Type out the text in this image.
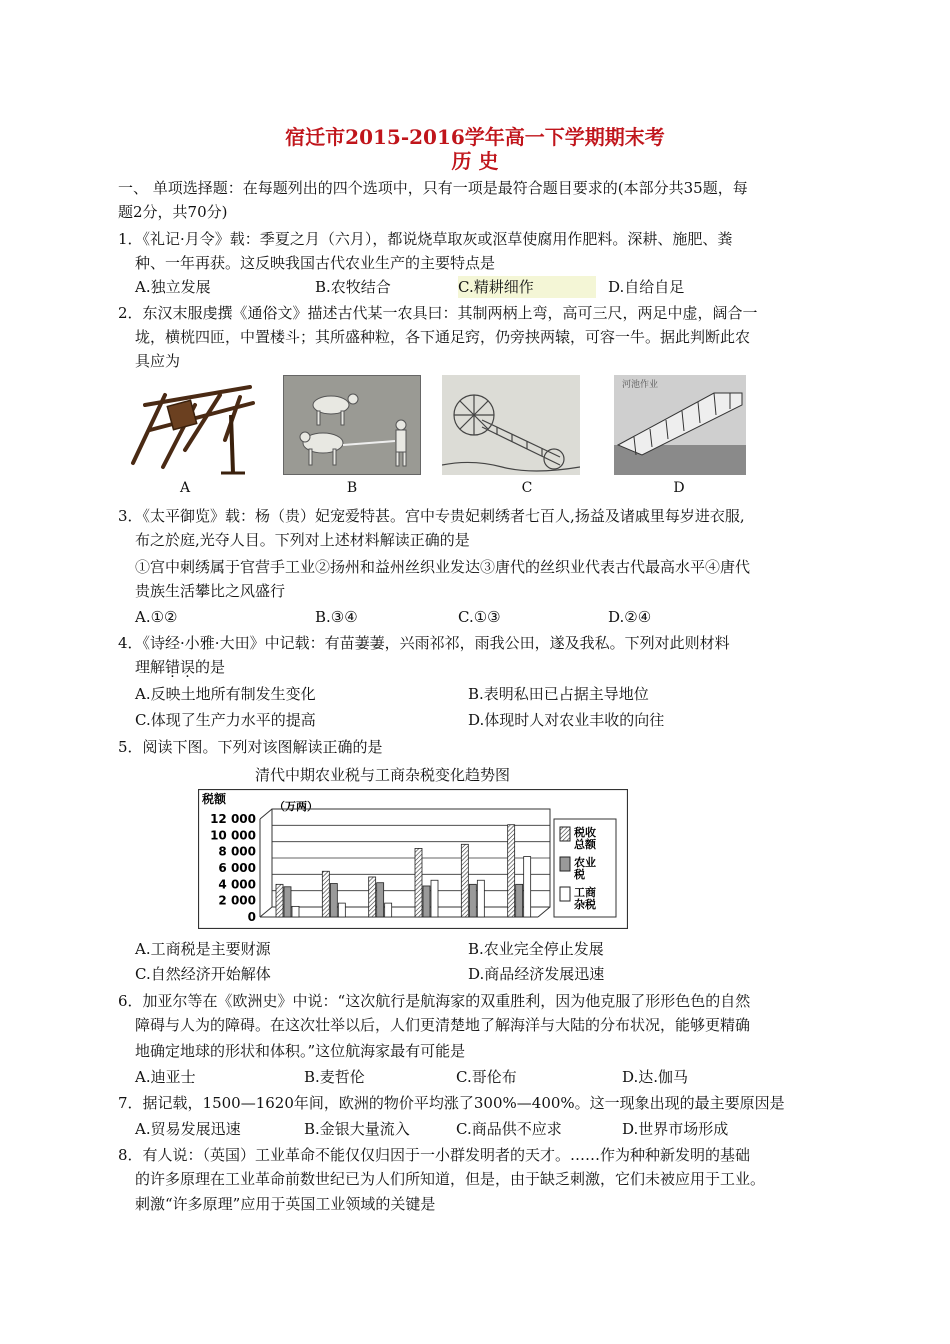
宿迁市2015-2016学年高一下学期期末考
历 史
一、 单项选择题：在每题列出的四个选项中，只有一项是最符合题目要求的(本部分共35题，每
题2分，共70分)
1．《礼记·月令》载：季夏之月（六月），都说烧草取灰或沤草使腐用作肥料。深耕、施肥、粪
种、一年再获。这反映我国古代农业生产的主要特点是
A.独立发展	B.农牧结合	C.精耕细作	D.自给自足
2．东汉末服虔撰《通俗文》描述古代某一农具曰：其制两柄上弯，高可三尺，两足中虚，阔合一
垅，横桄四匝，中置楼斗；其所盛种粒，各下通足窍，仍旁挟两辕，可容一牛。据此判断此农
具应为
河池作业
A	B	C	D
3．《太平御览》载：杨（贵）妃宠爱特甚。宫中专贵妃刺绣者七百人,扬益及诸戚里每岁进衣服,
布之於庭,光夺人目。下列对上述材料解读正确的是
①宫中刺绣属于官营手工业②扬州和益州丝织业发达③唐代的丝织业代表古代最高水平④唐代
贵族生活攀比之风盛行
A.①②	B.③④	C.①③	D.②④
4．《诗经·小雅·大田》中记载：有苗萋萋，兴雨祁祁，雨我公田，遂及我私。下列对此则材料
理解错误的是
A.反映土地所有制发生变化	B.表明私田已占据主导地位
C.体现了生产力水平的提高	D.体现时人对农业丰收的向往
5．阅读下图。下列对该图解读正确的是
清代中期农业税与工商杂税变化趋势图
税额
（万两）
12 000
10 000
8 000
6 000
4 000
2 000
0
税收总额
农业税
工商杂税
A.工商税是主要财源	B.农业完全停止发展
C.自然经济开始解体	D.商品经济发展迅速
6．加亚尔等在《欧洲史》中说：“这次航行是航海家的双重胜利，因为他克服了形形色色的自然
障碍与人为的障碍。在这次壮举以后，人们更清楚地了解海洋与大陆的分布状况，能够更精确
地确定地球的形状和体积。”这位航海家最有可能是
A.迪亚士	B.麦哲伦	C.哥伦布	D.达.伽马
7．据记载，1500—1620年间，欧洲的物价平均涨了300%—400%。这一现象出现的最主要原因是
A.贸易发展迅速	B.金银大量流入	C.商品供不应求	D.世界市场形成
8．有人说：（英国）工业革命不能仅仅归因于一小群发明者的天才。……作为种种新发明的基础
的许多原理在工业革命前数世纪已为人们所知道，但是，由于缺乏刺激，它们未被应用于工业。
刺激“许多原理”应用于英国工业领域的关键是
